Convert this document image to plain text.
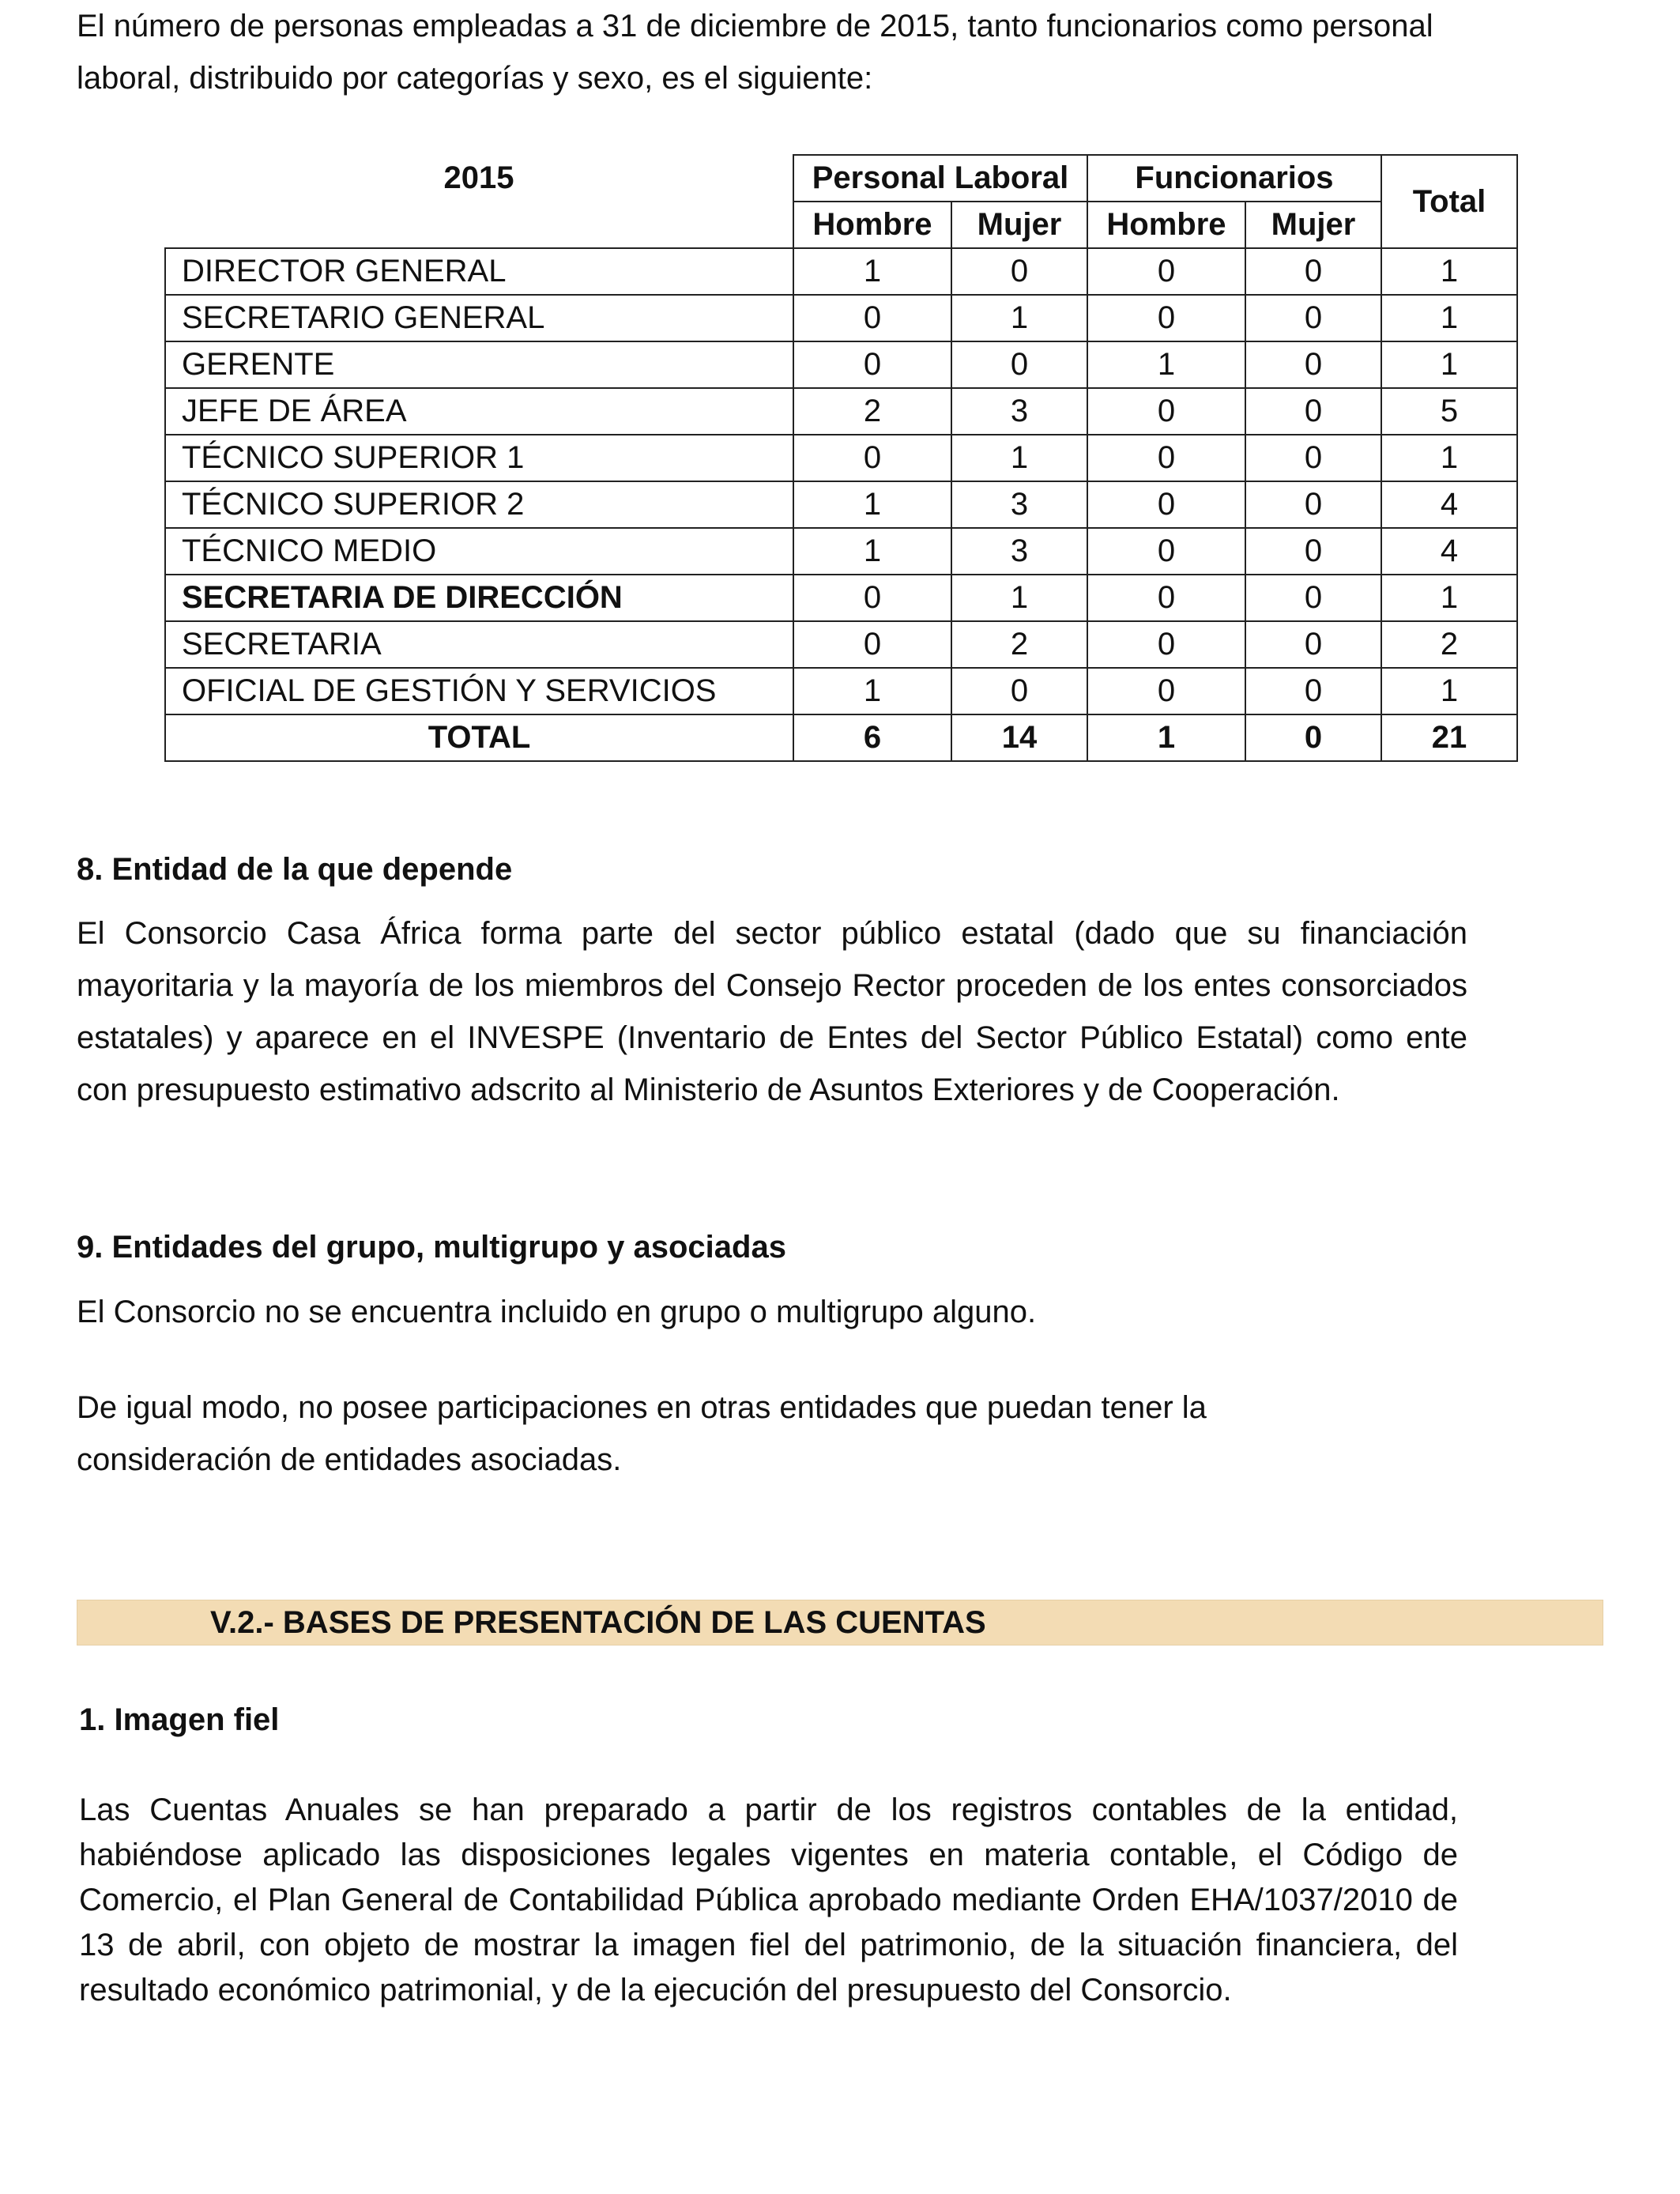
El número de personas empleadas a 31 de diciembre de 2015, tanto funcionarios como personal laboral, distribuido por categorías y sexo, es el siguiente:

2015	Personal Laboral		Funcionarios		Total
	Hombre	Mujer	Hombre	Mujer	
DIRECTOR GENERAL	1	0	0	0	1
SECRETARIO GENERAL	0	1	0	0	1
GERENTE	0	0	1	0	1
JEFE DE ÁREA	2	3	0	0	5
TÉCNICO SUPERIOR 1	0	1	0	0	1
TÉCNICO SUPERIOR 2	1	3	0	0	4
TÉCNICO MEDIO	1	3	0	0	4
SECRETARIA DE DIRECCIÓN	0	1	0	0	1
SECRETARIA	0	2	0	0	2
OFICIAL DE GESTIÓN Y SERVICIOS	1	0	0	0	1
TOTAL	6	14	1	0	21
8. Entidad de la que depende

El Consorcio Casa África forma parte del sector público estatal (dado que su financiación mayoritaria y la mayoría de los miembros del Consejo Rector proceden de los entes consorciados estatales) y aparece en el INVESPE (Inventario de Entes del Sector Público Estatal) como ente con presupuesto estimativo adscrito al Ministerio de Asuntos Exteriores y de Cooperación.

9. Entidades del grupo, multigrupo y asociadas

El Consorcio no se encuentra incluido en grupo o multigrupo alguno.

De igual modo, no posee participaciones en otras entidades que puedan tener la consideración de entidades asociadas.

V.2.- BASES DE PRESENTACIÓN DE LAS CUENTAS
1. Imagen fiel

Las Cuentas Anuales se han preparado a partir de los registros contables de la entidad, habiéndose aplicado las disposiciones legales vigentes en materia contable, el Código de Comercio, el Plan General de Contabilidad Pública aprobado mediante Orden EHA/1037/2010 de 13 de abril, con objeto de mostrar la imagen fiel del patrimonio, de la situación financiera, del resultado económico patrimonial, y de la ejecución del presupuesto del Consorcio.
